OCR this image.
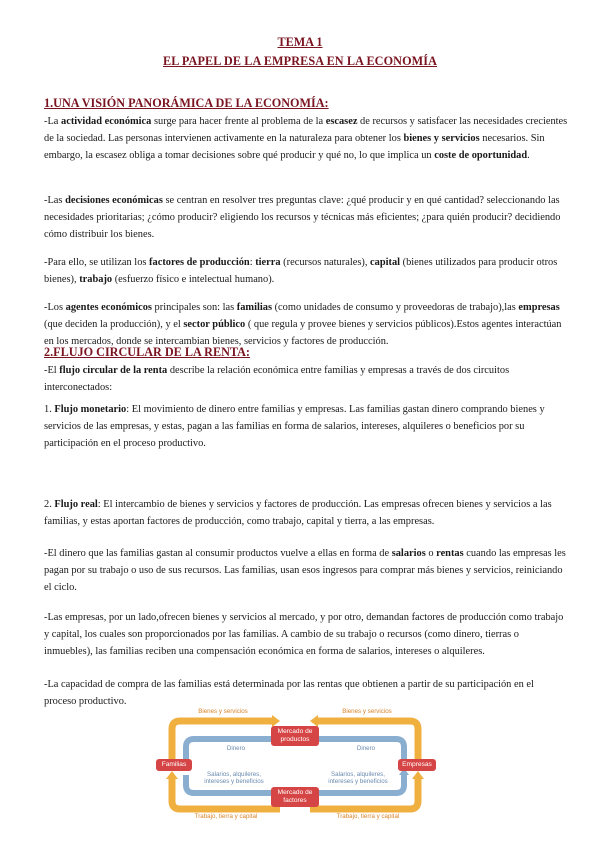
TEMA 1
EL PAPEL DE LA EMPRESA EN LA ECONOMÍA
1.UNA VISIÓN PANORÁMICA DE LA ECONOMÍA:

-La actividad económica surge para hacer frente al problema de la escasez de recursos y satisfacer las necesidades crecientes de la sociedad. Las personas intervienen activamente en la naturaleza para obtener los bienes y servicios necesarios. Sin embargo, la escasez obliga a tomar decisiones sobre qué producir y qué no, lo que implica un coste de oportunidad.

-Las decisiones económicas se centran en resolver tres preguntas clave: ¿qué producir y en qué cantidad? seleccionando las necesidades prioritarias; ¿cómo producir? eligiendo los recursos y técnicas más eficientes; ¿para quién producir? decidiendo cómo distribuir los bienes.

-Para ello, se utilizan los factores de producción: tierra (recursos naturales), capital (bienes utilizados para producir otros bienes), trabajo (esfuerzo físico e intelectual humano).

-Los agentes económicos principales son: las familias (como unidades de consumo y proveedoras de trabajo),las empresas (que deciden la producción), y el sector público ( que regula y provee bienes y servicios públicos).Estos agentes interactúan en los mercados, donde se intercambian bienes, servicios y factores de producción.

2.FLUJO CIRCULAR DE LA RENTA:

-El flujo circular de la renta describe la relación económica entre familias y empresas a través de dos circuitos interconectados:

1. Flujo monetario: El movimiento de dinero entre familias y empresas. Las familias gastan dinero comprando bienes y servicios de las empresas, y estas, pagan a las familias en forma de salarios, intereses, alquileres o beneficios por su participación en el proceso productivo.

2. Flujo real: El intercambio de bienes y servicios y factores de producción. Las empresas ofrecen bienes y servicios a las familias, y estas aportan factores de producción, como trabajo, capital y tierra, a las empresas.

-El dinero que las familias gastan al consumir productos vuelve a ellas en forma de salarios o rentas cuando las empresas les pagan por su trabajo o uso de sus recursos. Las familias, usan esos ingresos para comprar más bienes y servicios, reiniciando el ciclo.

-Las empresas, por un lado,ofrecen bienes y servicios al mercado, y por otro, demandan factores de producción como trabajo y capital, los cuales son proporcionados por las familias. A cambio de su trabajo o recursos (como dinero, tierras o inmuebles), las familias reciben una compensación económica en forma de salarios, intereses o alquileres.

-La capacidad de compra de las familias está determinada por las rentas que obtienen a partir de su participación en el proceso productivo.

Bienes y servicios	Bienes y servicios
Mercado de
productos
Dinero	Dinero
Familias	Empresas
Salarios, alquileres,
intereses y beneficios
Salarios, alquileres,
intereses y beneficios
Mercado de
factores
Trabajo, tierra y capital	Trabajo, tierra y capital
